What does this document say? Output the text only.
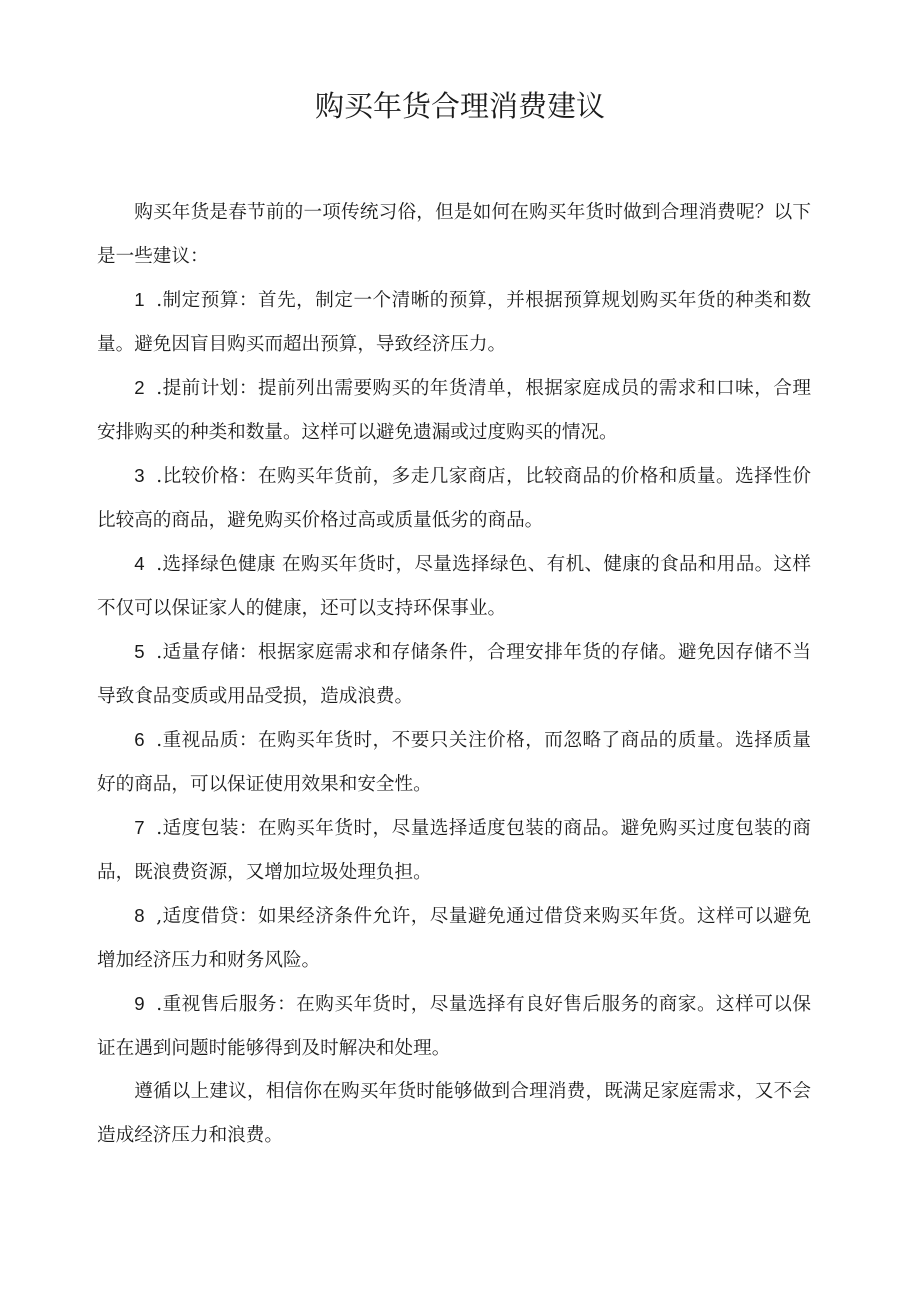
购买年货合理消费建议

购买年货是春节前的一项传统习俗，但是如何在购买年货时做到合理消费呢？以下是一些建议：

1 .制定预算：首先，制定一个清晰的预算，并根据预算规划购买年货的种类和数量。避免因盲目购买而超出预算，导致经济压力。

2 .提前计划：提前列出需要购买的年货清单，根据家庭成员的需求和口味，合理安排购买的种类和数量。这样可以避免遗漏或过度购买的情况。

3 .比较价格：在购买年货前，多走几家商店，比较商品的价格和质量。选择性价比较高的商品，避免购买价格过高或质量低劣的商品。

4 .选择绿色健康 在购买年货时，尽量选择绿色、有机、健康的食品和用品。这样不仅可以保证家人的健康，还可以支持环保事业。

5 .适量存储：根据家庭需求和存储条件，合理安排年货的存储。避免因存储不当导致食品变质或用品受损，造成浪费。

6 .重视品质：在购买年货时，不要只关注价格，而忽略了商品的质量。选择质量好的商品，可以保证使用效果和安全性。

7 .适度包装：在购买年货时，尽量选择适度包装的商品。避免购买过度包装的商品，既浪费资源，又增加垃圾处理负担。

8 ,适度借贷：如果经济条件允许，尽量避免通过借贷来购买年货。这样可以避免增加经济压力和财务风险。

9 .重视售后服务：在购买年货时，尽量选择有良好售后服务的商家。这样可以保证在遇到问题时能够得到及时解决和处理。

遵循以上建议，相信你在购买年货时能够做到合理消费，既满足家庭需求，又不会造成经济压力和浪费。
